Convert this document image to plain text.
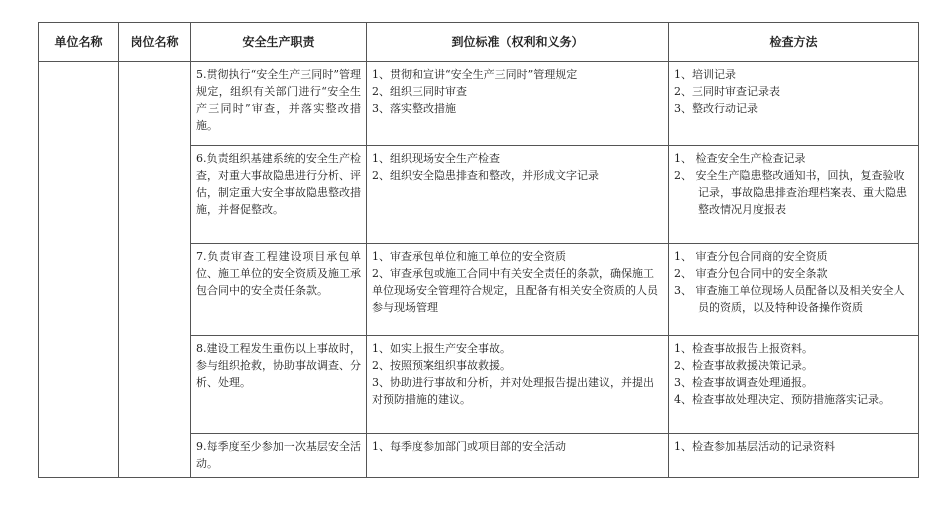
单位名称	岗位名称	安全生产职责	到位标准（权利和义务）	检查方法
		5.贯彻执行“安全生产三同时”管理规定，组织有关部门进行“安全生产三同时”审查，并落实整改措施。	1、贯彻和宣讲“安全生产三同时”管理规定
2、组织三同时审查
3、落实整改措施	1、培训记录
2、三同时审查记录表
3、整改行动记录

		6.负责组织基建系统的安全生产检查，对重大事故隐患进行分析、评估，制定重大安全事故隐患整改措施，并督促整改。	1、组织现场安全生产检查
2、组织安全隐患排查和整改，并形成文字记录	1、 检查安全生产检查记录
2、 安全生产隐患整改通知书，回执，复查验收记录，事故隐患排查治理档案表、重大隐患整改情况月度报表

		7.负责审查工程建设项目承包单位、施工单位的安全资质及施工承包合同中的安全责任条款。	1、审查承包单位和施工单位的安全资质
2、审查承包或施工合同中有关安全责任的条款，确保施工单位现场安全管理符合规定，且配备有相关安全资质的人员参与现场管理	1、 审查分包合同商的安全资质
2、 审查分包合同中的安全条款
3、 审查施工单位现场人员配备以及相关安全人员的资质，以及特种设备操作资质

		8.建设工程发生重伤以上事故时，参与组织抢救，协助事故调查、分析、处理。	1、如实上报生产安全事故。
2、按照预案组织事故救援。
3、协助进行事故和分析，并对处理报告提出建议，并提出对预防措施的建议。	1、检查事故报告上报资料。
2、检查事故救援决策记录。
3、检查事故调查处理通报。
4、检查事故处理决定、预防措施落实记录。

		9.每季度至少参加一次基层安全活动。	1、每季度参加部门或项目部的安全活动	1、检查参加基层活动的记录资料
